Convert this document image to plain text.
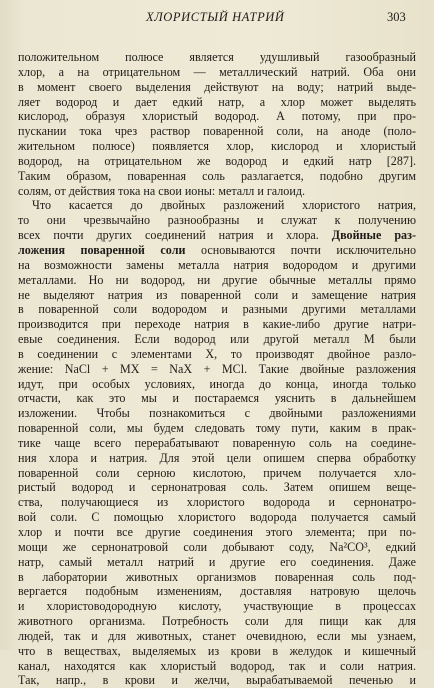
ХЛОРИСТЫЙ НАТРИЙ	303

положительном полюсе является удушливый газообразный
хлор, а на отрицательном — металлический натрий. Оба они
в момент своего выделения действуют на воду; натрий выде-
ляет водород и дает едкий натр, а хлор может выделять
кислород, образуя хлористый водород. А потому, при про-
пускании тока чрез раствор поваренной соли, на аноде (поло-
жительном полюсе) появляется хлор, кислород и хлористый
водород, на отрицательном же водород и едкий натр [287].
Таким образом, поваренная соль разлагается, подобно другим
солям, от действия тока на свои ионы: металл и галоид.

Что касается до двойных разложений хлористого натрия,
то они чрезвычайно разнообразны и служат к получению
всех почти других соединений натрия и хлора. Двойные раз-
ложения поваренной соли основываются почти исключительно
на возможности замены металла натрия водородом и другими
металлами. Но ни водород, ни другие обычные металлы прямо
не выделяют натрия из поваренной соли и замещение натрия
в поваренной соли водородом и разными другими металлами
производится при переходе натрия в какие-либо другие натри-
евые соединения. Если водород или другой металл М были
в соединении с элементами X, то производят двойное разло-
жение: NaCl + MX = NaX + MCl. Такие двойные разложения
идут, при особых условиях, иногда до конца, иногда только
отчасти, как это мы и постараемся уяснить в дальнейшем
изложении. Чтобы познакомиться с двойными разложениями
поваренной соли, мы будем следовать тому пути, каким в прак-
тике чаще всего перерабатывают поваренную соль на соедине-
ния хлора и натрия. Для этой цели опишем сперва обработку
поваренной соли серною кислотою, причем получается хло-
ристый водород и сернонатровая соль. Затем опишем веще-
ства, получающиеся из хлористого водорода и сернонатро-
вой соли. С помощью хлористого водорода получается самый
хлор и почти все другие соединения этого элемента; при по-
мощи же сернонатровой соли добывают соду, Na²CO³, едкий
натр, самый металл натрий и другие его соединения. Даже
в лаборатории животных организмов поваренная соль под-
вергается подобным изменениям, доставляя натровую щелочь
и хлористоводородную кислоту, участвующие в процессах
животного организма. Потребность соли для пищи как для
людей, так и для животных, станет очевидною, если мы узнаем,
что в веществах, выделяемых из крови в желудок и кишечный
канал, находятся как хлористый водород, так и соли натрия.
Так, напр., в крови и желчи, вырабатываемой печенью и
